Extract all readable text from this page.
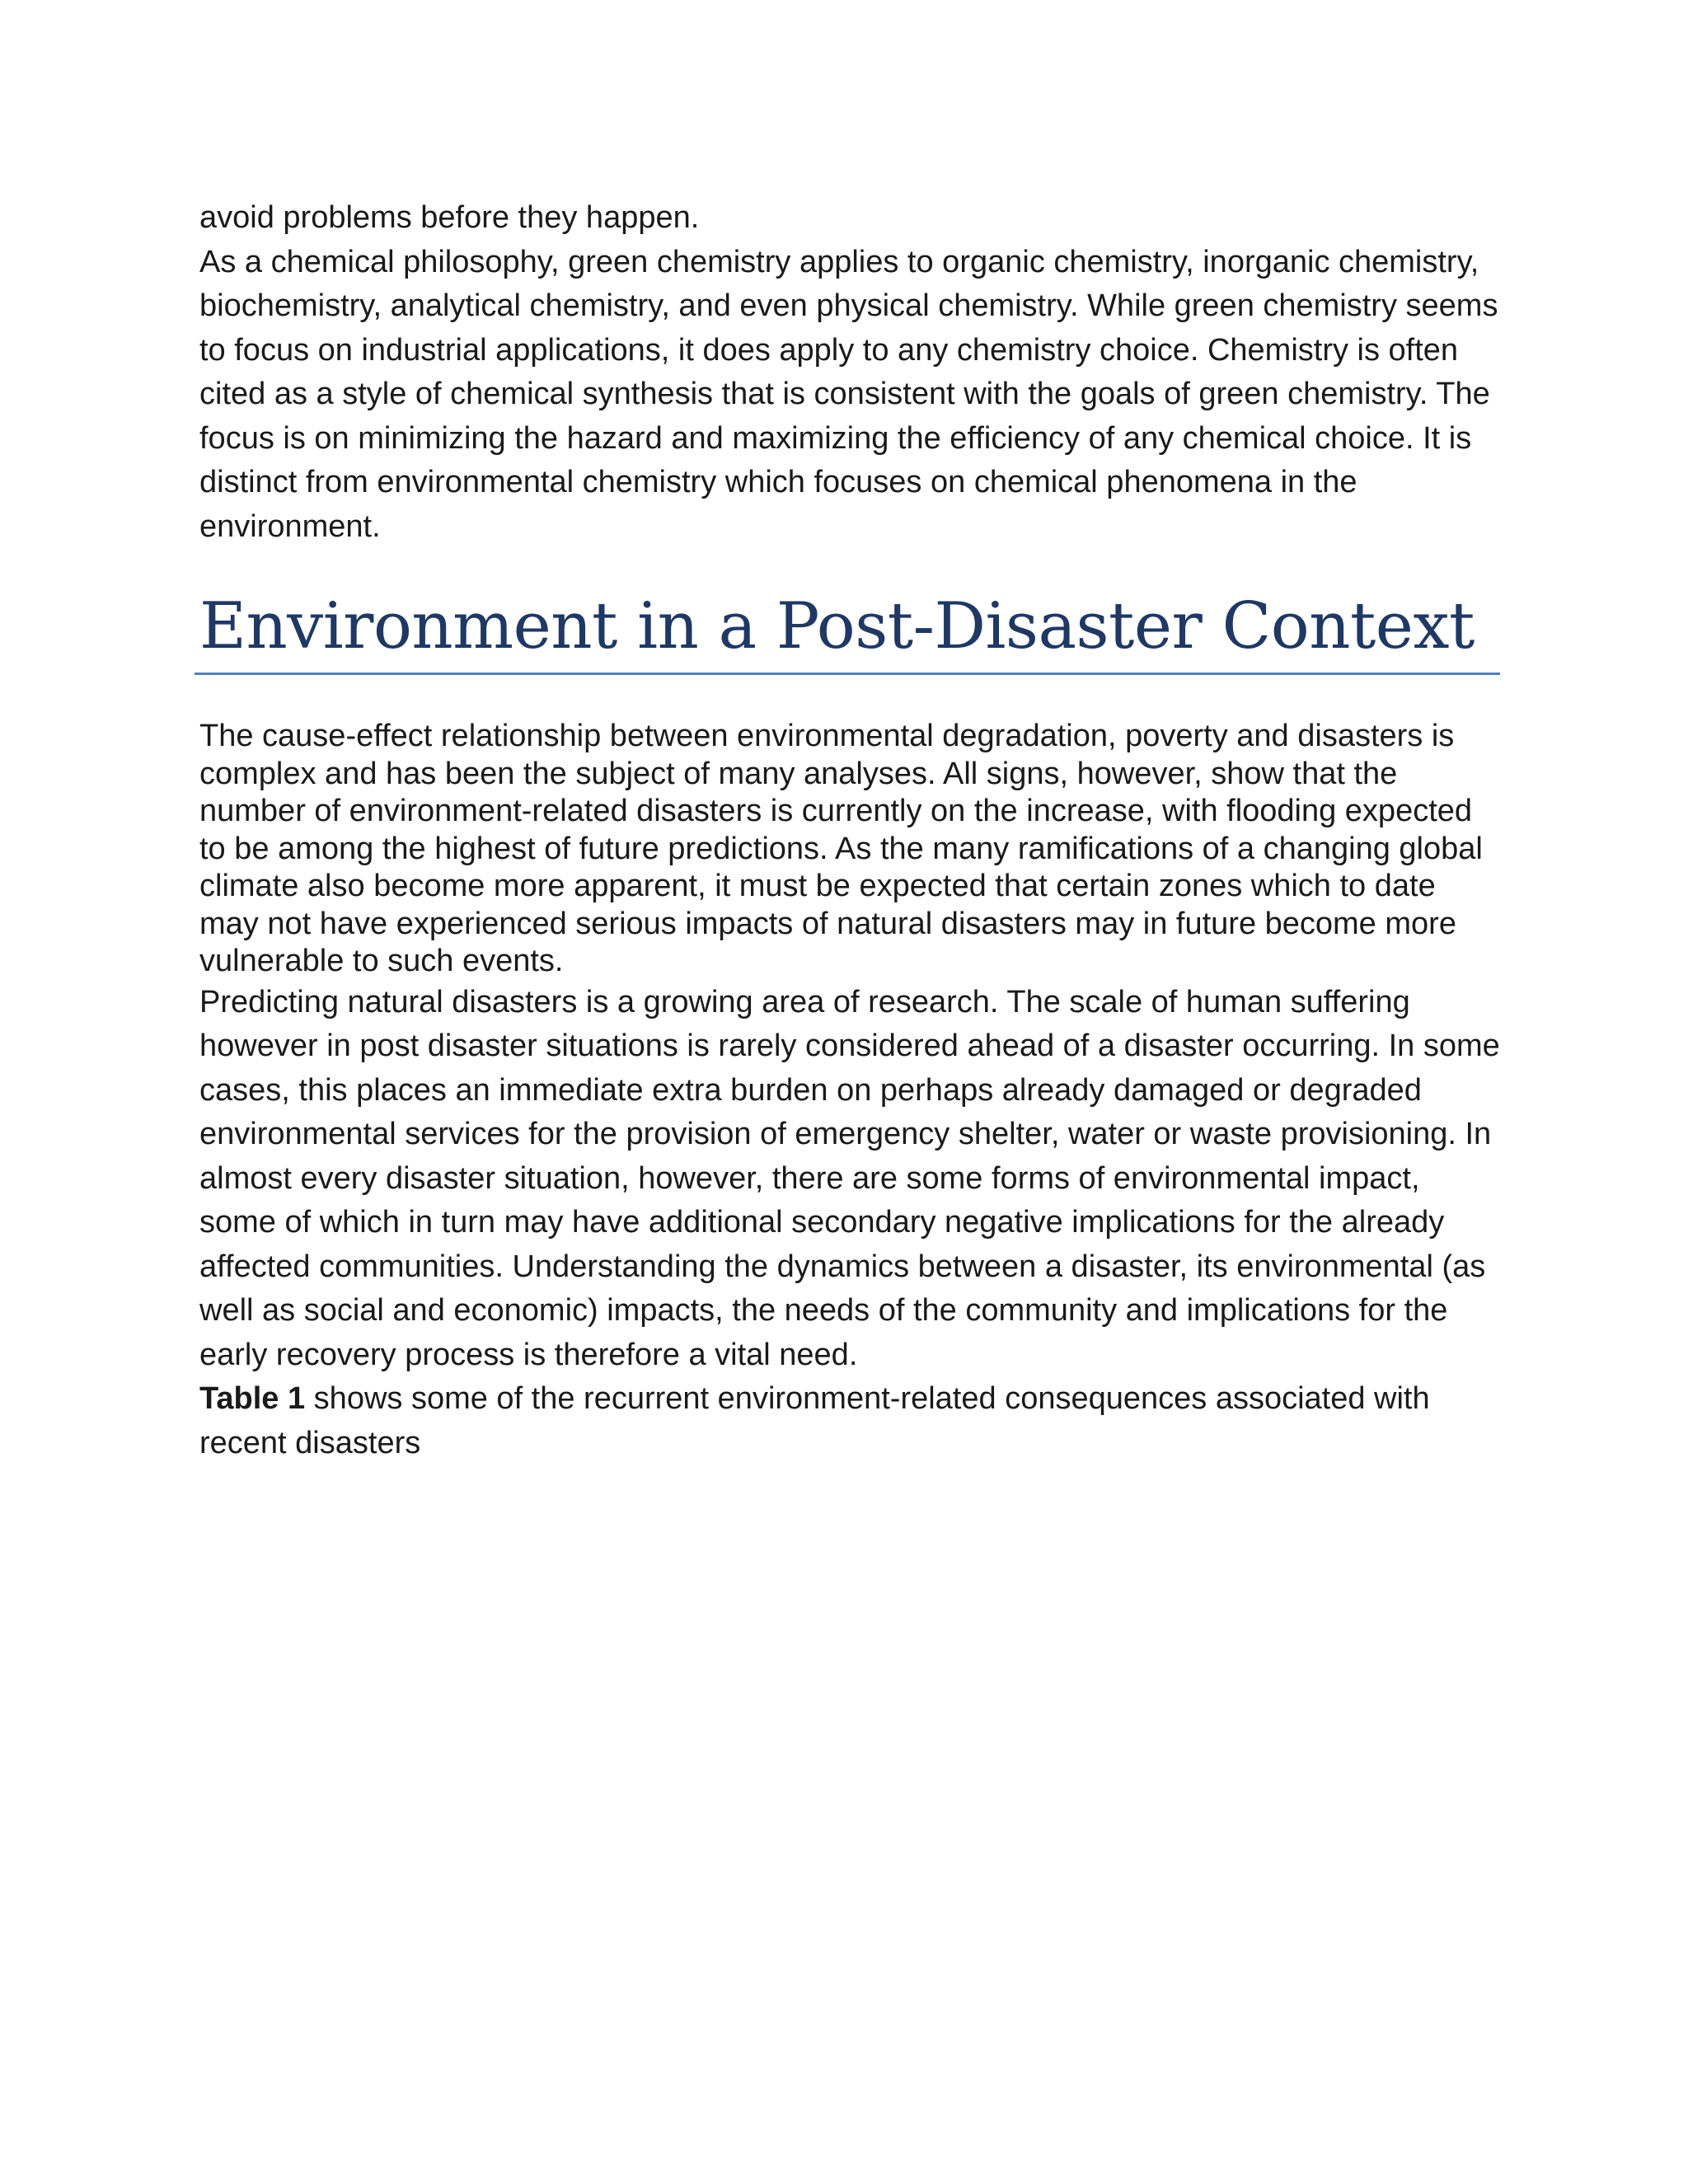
avoid problems before they happen.

As a chemical philosophy, green chemistry applies to organic chemistry, inorganic chemistry, biochemistry, analytical chemistry, and even physical chemistry. While green chemistry seems to focus on industrial applications, it does apply to any chemistry choice. Chemistry is often cited as a style of chemical synthesis that is consistent with the goals of green chemistry. The focus is on minimizing the hazard and maximizing the efficiency of any chemical choice. It is distinct from environmental chemistry which focuses on chemical phenomena in the environment.

Environment in a Post-Disaster Context

The cause-effect relationship between environmental degradation, poverty and disasters is complex and has been the subject of many analyses. All signs, however, show that the number of environment-related disasters is currently on the increase, with flooding expected to be among the highest of future predictions. As the many ramifications of a changing global climate also become more apparent, it must be expected that certain zones which to date may not have experienced serious impacts of natural disasters may in future become more vulnerable to such events.

Predicting natural disasters is a growing area of research. The scale of human suffering however in post disaster situations is rarely considered ahead of a disaster occurring. In some cases, this places an immediate extra burden on perhaps already damaged or degraded environmental services for the provision of emergency shelter, water or waste provisioning. In almost every disaster situation, however, there are some forms of environmental impact, some of which in turn may have additional secondary negative implications for the already affected communities. Understanding the dynamics between a disaster, its environmental (as well as social and economic) impacts, the needs of the community and implications for the early recovery process is therefore a vital need.

Table 1 shows some of the recurrent environment-related consequences associated with recent disasters
